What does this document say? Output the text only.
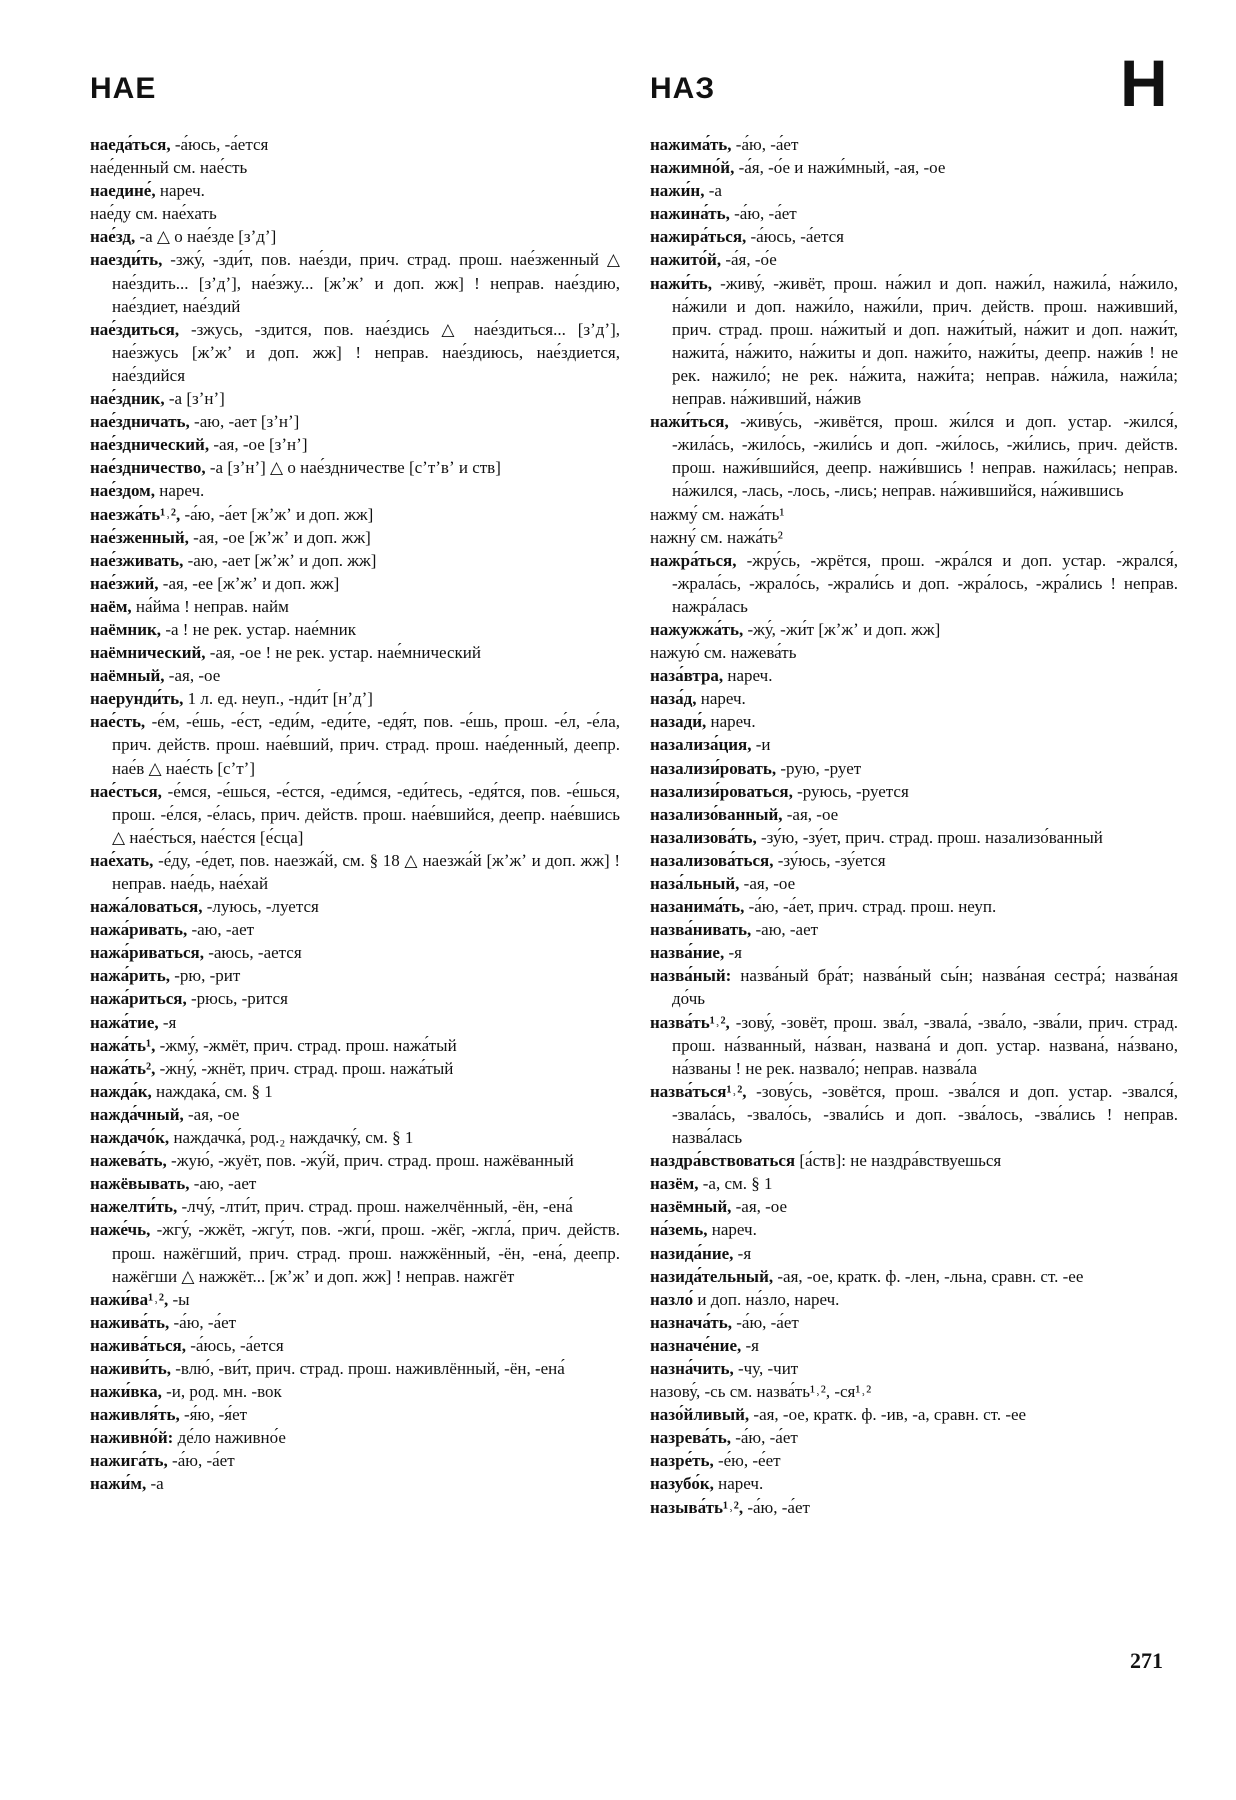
НАЕ	НАЗ	Н
наеда́ться, -а́юсь, -а́ется
нае́денный см. нае́сть
наедине́, нареч.
нае́ду см. нае́хать
нае́зд, -а △ о нае́зде [зʼдʼ]
наезди́ть, -зжу́, -зди́т, пов. нае́зди, прич. страд. прош. нае́зженный △ нае́здить... [зʼдʼ], нае́зжу... [жʼжʼ и доп. жж] ! неправ. нае́здию, нае́здиет, нае́здий
нае́здиться, -зжусь, -здится, пов. нае́здись △ нае́здиться... [зʼдʼ], нае́зжусь [жʼжʼ и доп. жж] ! неправ. нае́здиюсь, нае́здиется, нае́здийся
нае́здник, -а [зʼнʼ]
нае́здничать, -аю, -ает [зʼнʼ]
нае́зднический, -ая, -ое [зʼнʼ]
нае́здничество, -а [зʼнʼ] △ о нае́здничестве [сʼтʼвʼ и ств]
нае́здом, нареч.
наезжа́ть¹˒², -а́ю, -а́ет [жʼжʼ и доп. жж]
нае́зженный, -ая, -ое [жʼжʼ и доп. жж]
нае́зживать, -аю, -ает [жʼжʼ и доп. жж]
нае́зжий, -ая, -ее [жʼжʼ и доп. жж]
наём, на́йма ! неправ. найм
наёмник, -а ! не рек. устар. нае́мник
наёмнический, -ая, -ое ! не рек. устар. нае́мнический
наёмный, -ая, -ое
наерунди́ть, 1 л. ед. неуп., -нди́т [нʼдʼ]
нае́сть, -е́м, -е́шь, -е́ст, -еди́м, -еди́те, -едя́т, пов. -е́шь, прош. -е́л, -е́ла, прич. действ. прош. нае́вший, прич. страд. прош. нае́денный, деепр. нае́в △ нае́сть [сʼтʼ]
нае́сться, -е́мся, -е́шься, -е́стся, -еди́мся, -еди́тесь, -едя́тся, пов. -е́шься, прош. -е́лся, -е́лась, прич. действ. прош. нае́вшийся, деепр. нае́вшись △ нае́сться, нае́стся [е́сца]
нае́хать, -е́ду, -е́дет, пов. наезжа́й, см. § 18 △ наезжа́й [жʼжʼ и доп. жж] ! неправ. нае́дь, нае́хай
нажа́ловаться, -луюсь, -луется
нажа́ривать, -аю, -ает
нажа́риваться, -аюсь, -ается
нажа́рить, -рю, -рит
нажа́риться, -рюсь, -рится
нажа́тие, -я
нажа́ть¹, -жму́, -жмёт, прич. страд. прош. нажа́тый
нажа́ть², -жну́, -жнёт, прич. страд. прош. нажа́тый
нажда́к, наждака́, см. § 1
нажда́чный, -ая, -ое
наждачо́к, наждачка́, род.₂ наждачку́, см. § 1
нажева́ть, -жую́, -жуёт, пов. -жу́й, прич. страд. прош. нажёванный
нажёвывать, -аю, -ает
нажелти́ть, -лчу́, -лти́т, прич. страд. прош. нажелчённый, -ён, -ена́
наже́чь, -жгу́, -жжёт, -жгу́т, пов. -жги́, прош. -жёг, -жгла́, прич. действ. прош. нажёгший, прич. страд. прош. нажжённый, -ён, -ена́, деепр. нажёгши △ нажжёт... [жʼжʼ и доп. жж] ! неправ. нажгёт
нажи́ва¹˒², -ы
нажива́ть, -а́ю, -а́ет
нажива́ться, -а́юсь, -а́ется
наживи́ть, -влю́, -ви́т, прич. страд. прош. наживлённый, -ён, -ена́
нажи́вка, -и, род. мн. -вок
наживля́ть, -я́ю, -я́ет
наживно́й: де́ло наживно́е
нажига́ть, -а́ю, -а́ет
нажи́м, -а
нажима́ть, -а́ю, -а́ет
нажимно́й, -а́я, -о́е и нажи́мный, -ая, -ое
нажи́н, -а
нажина́ть, -а́ю, -а́ет
нажира́ться, -а́юсь, -а́ется
нажито́й, -а́я, -о́е
нажи́ть, -живу́, -живёт, прош. на́жил и доп. нажи́л, нажила́, на́жило, на́жили и доп. нажи́ло, нажи́ли, прич. действ. прош. наживший, прич. страд. прош. на́житый и доп. нажи́тый, на́жит и доп. нажи́т, нажита́, на́жито, на́житы и доп. нажи́то, нажи́ты, деепр. нажи́в ! не рек. нажило́; не рек. на́жита, нажи́та; неправ. на́жила, нажи́ла; неправ. на́живший, на́жив
нажи́ться, -живу́сь, -живётся, прош. жи́лся и доп. устар. -жился́, -жила́сь, -жило́сь, -жили́сь и доп. -жи́лось, -жи́лись, прич. действ. прош. нажи́вшийся, деепр. нажи́вшись ! неправ. нажи́лась; неправ. на́жился, -лась, -лось, -лись; неправ. на́жившийся, на́жившись
нажму́ см. нажа́ть¹
нажну́ см. нажа́ть²
нажра́ться, -жру́сь, -жрётся, прош. -жра́лся и доп. устар. -жрался́, -жрала́сь, -жрало́сь, -жрали́сь и доп. -жра́лось, -жра́лись ! неправ. нажра́лась
нажужжа́ть, -жу́, -жи́т [жʼжʼ и доп. жж]
нажую́ см. нажева́ть
наза́втра, нареч.
наза́д, нареч.
назади́, нареч.
назализа́ция, -и
назализи́ровать, -рую, -рует
назализи́роваться, -руюсь, -руется
назализо́ванный, -ая, -ое
назализова́ть, -зу́ю, -зу́ет, прич. страд. прош. назализо́ванный
назализова́ться, -зу́юсь, -зу́ется
наза́льный, -ая, -ое
назанима́ть, -а́ю, -а́ет, прич. страд. прош. неуп.
назва́нивать, -аю, -ает
назва́ние, -я
назва́ный: назва́ный бра́т; назва́ный сы́н; назва́ная сестра́; назва́ная до́чь
назва́ть¹˒², -зову́, -зовёт, прош. зва́л, -звала́, -зва́ло, -зва́ли, прич. страд. прош. на́званный, на́зван, названа́ и доп. устар. названа́, на́звано, на́званы ! не рек. назвало́; неправ. назва́ла
назва́ться¹˒², -зову́сь, -зовётся, прош. -зва́лся и доп. устар. -звался́, -звала́сь, -звало́сь, -звали́сь и доп. -зва́лось, -зва́лись ! неправ. назва́лась
наздра́вствоваться [а́ств]: не наздра́вствуешься
назём, -а, см. § 1
назёмный, -ая, -ое
на́земь, нареч.
назида́ние, -я
назида́тельный, -ая, -ое, кратк. ф. -лен, -льна, сравн. ст. -ее
назло́ и доп. на́зло, нареч.
назнача́ть, -а́ю, -а́ет
назначе́ние, -я
назна́чить, -чу, -чит
назову́, -сь см. назва́ть¹˒², -ся¹˒²
назо́йливый, -ая, -ое, кратк. ф. -ив, -а, сравн. ст. -ее
назрева́ть, -а́ю, -а́ет
назре́ть, -е́ю, -е́ет
назубо́к, нареч.
называ́ть¹˒², -а́ю, -а́ет
271
